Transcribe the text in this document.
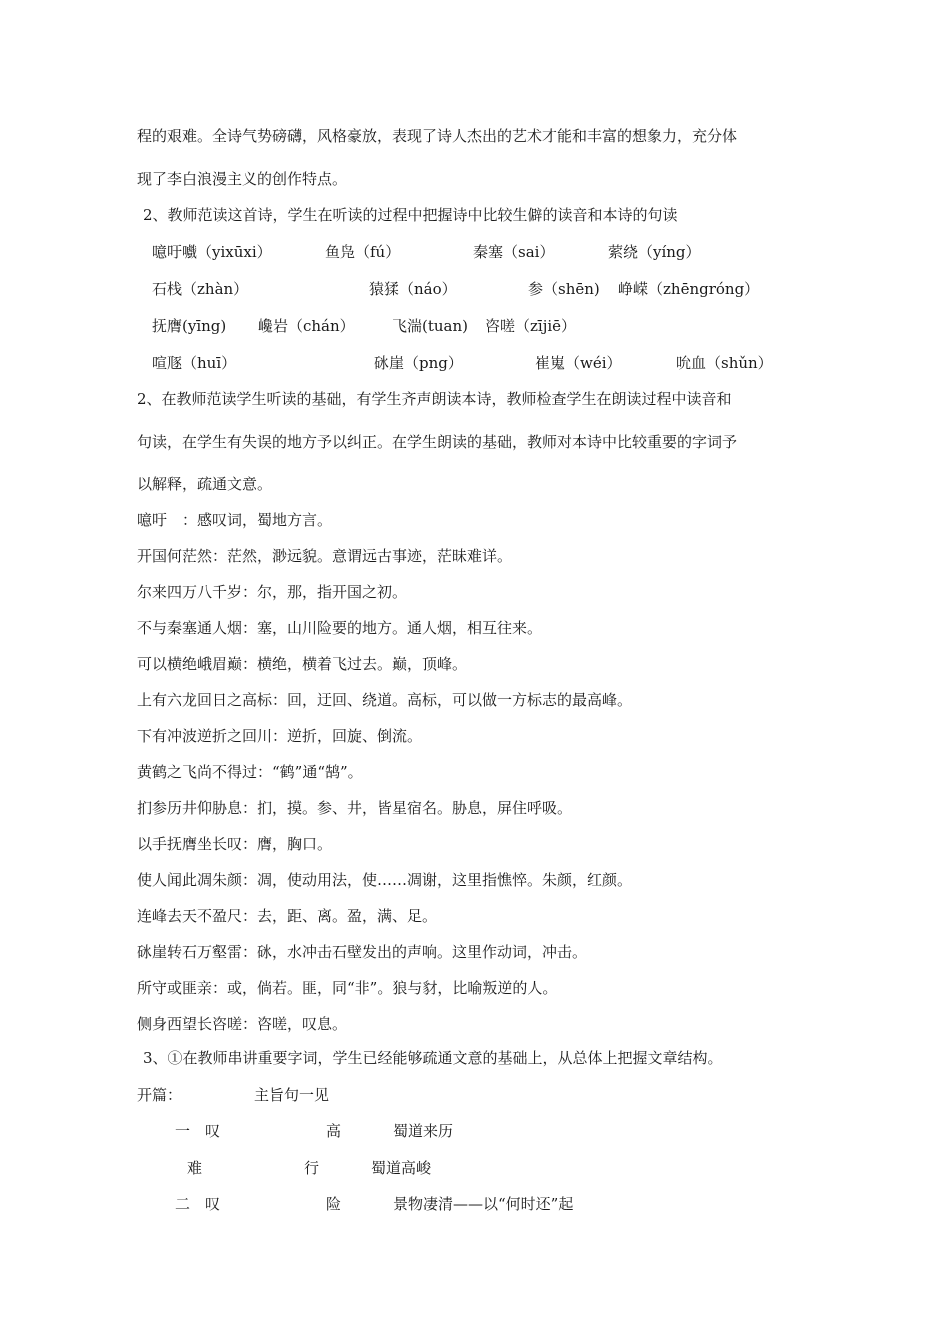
程的艰难。全诗气势磅礴，风格豪放，表现了诗人杰出的艺术才能和丰富的想象力，充分体
现了李白浪漫主义的创作特点。
2、教师范读这首诗，学生在听读的过程中把握诗中比较生僻的读音和本诗的句读
噫吁嚱（yixūxi）	鱼凫（fú）	秦塞（sai）	萦绕（yíng）
石栈（zhàn）	猿猱（náo）	参（shēn) 峥嵘（zhēngróng）
抚膺(yīng) 巉岩（chán） 飞湍(tuan) 咨嗟（zījiē）
喧豗（huī）	砯崖（png）	崔嵬（wéi）	吮血（shǔn）
2、在教师范读学生听读的基础，有学生齐声朗读本诗，教师检查学生在朗读过程中读音和
句读，在学生有失误的地方予以纠正。在学生朗读的基础，教师对本诗中比较重要的字词予
以解释，疏通文意。
噫吁　：感叹词，蜀地方言。
开国何茫然：茫然，渺远貌。意谓远古事迹，茫昧难详。
尔来四万八千岁：尔，那，指开国之初。
不与秦塞通人烟：塞，山川险要的地方。通人烟，相互往来。
可以横绝峨眉巅：横绝，横着飞过去。巅，顶峰。
上有六龙回日之高标：回，迂回、绕道。高标，可以做一方标志的最高峰。
下有冲波逆折之回川：逆折，回旋、倒流。
黄鹤之飞尚不得过：“鹤”通“鹄”。
扪参历井仰胁息：扪，摸。参、井，皆星宿名。胁息，屏住呼吸。
以手抚膺坐长叹：膺，胸口。
使人闻此凋朱颜：凋，使动用法，使……凋谢，这里指憔悴。朱颜，红颜。
连峰去天不盈尺：去，距、离。盈，满、足。
砯崖转石万壑雷：砯，水冲击石壁发出的声响。这里作动词，冲击。
所守或匪亲：或，倘若。匪，同“非”。狼与豺，比喻叛逆的人。
侧身西望长咨嗟：咨嗟，叹息。
3、①在教师串讲重要字词，学生已经能够疏通文意的基础上，从总体上把握文章结构。
开篇：	主旨句一见
一　叹	高	蜀道来历
难	行	蜀道高峻
二　叹	险	景物凄清——以“何时还”起
